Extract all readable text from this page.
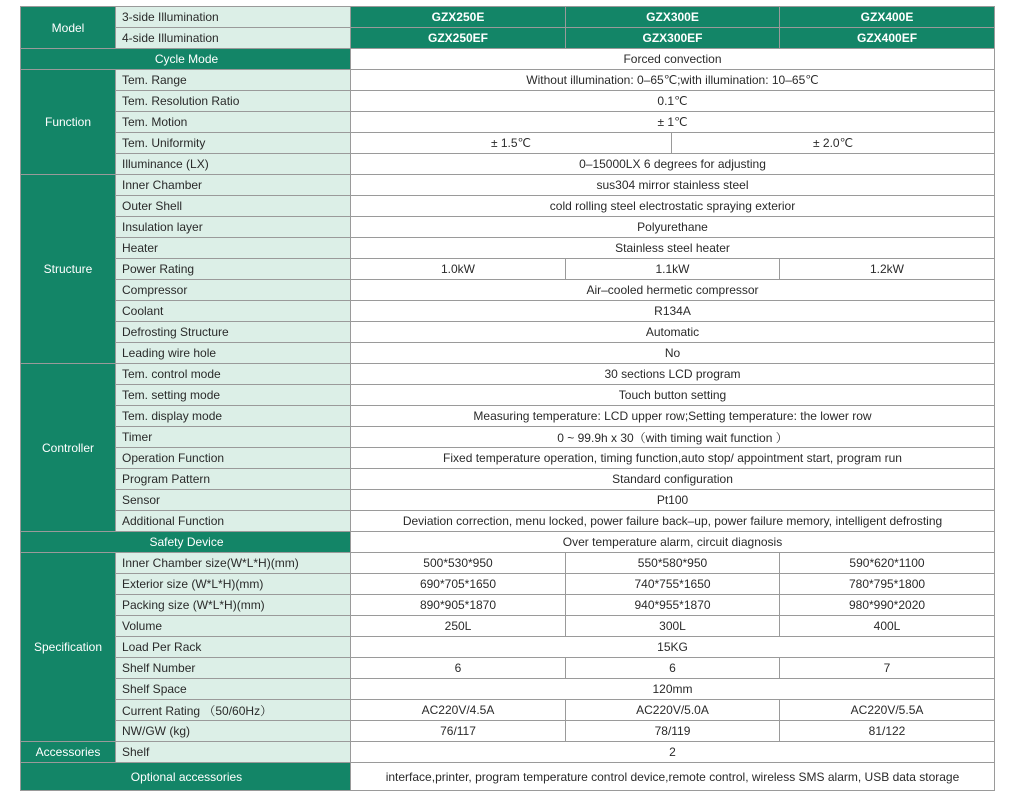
Model	3-side Illumination	GZX250E	GZX300E		GZX400E
	4-side Illumination	GZX250EF	GZX300EF		GZX400EF
Cycle Mode		Forced convection			
Function	Tem. Range	Without illumination: 0–65℃;with illumination: 10–65℃			
	Tem. Resolution Ratio	0.1℃			
	Tem. Motion	± 1℃			
	Tem. Uniformity	± 1.5℃		± 2.0℃	
	Illuminance (LX)	0–15000LX 6 degrees for adjusting			
Structure	Inner Chamber	sus304 mirror stainless steel			
	Outer Shell	cold rolling steel electrostatic spraying exterior			
	Insulation layer	Polyurethane			
	Heater	Stainless steel heater			
	Power Rating	1.0kW	1.1kW		1.2kW
	Compressor	Air–cooled hermetic compressor			
	Coolant	R134A			
	Defrosting Structure	Automatic			
	Leading wire hole	No			
Controller	Tem. control mode	30 sections LCD program			
	Tem. setting mode	Touch button setting			
	Tem. display mode	Measuring temperature: LCD upper row;Setting temperature: the lower row			
	Timer	0 ~ 99.9h x 30（with timing wait function ）			
	Operation Function	Fixed temperature operation, timing function,auto stop/ appointment start, program run			
	Program Pattern	Standard configuration			
	Sensor	Pt100			
	Additional Function	Deviation correction, menu locked, power failure back–up, power failure memory, intelligent defrosting			
Safety Device		Over temperature alarm, circuit diagnosis			
Specification	Inner Chamber size(W*L*H)(mm)	500*530*950	550*580*950		590*620*1100
	Exterior size (W*L*H)(mm)	690*705*1650	740*755*1650		780*795*1800
	Packing size (W*L*H)(mm)	890*905*1870	940*955*1870		980*990*2020
	Volume	250L	300L		400L
	Load Per Rack	15KG			
	Shelf Number	6	6		7
	Shelf Space	120mm			
	Current Rating （50/60Hz）	AC220V/4.5A	AC220V/5.0A		AC220V/5.5A
	NW/GW (kg)	76/117	78/119		81/122
Accessories	Shelf	2			
Optional accessories		interface,printer, program temperature control device,remote control, wireless SMS alarm, USB data storage			
